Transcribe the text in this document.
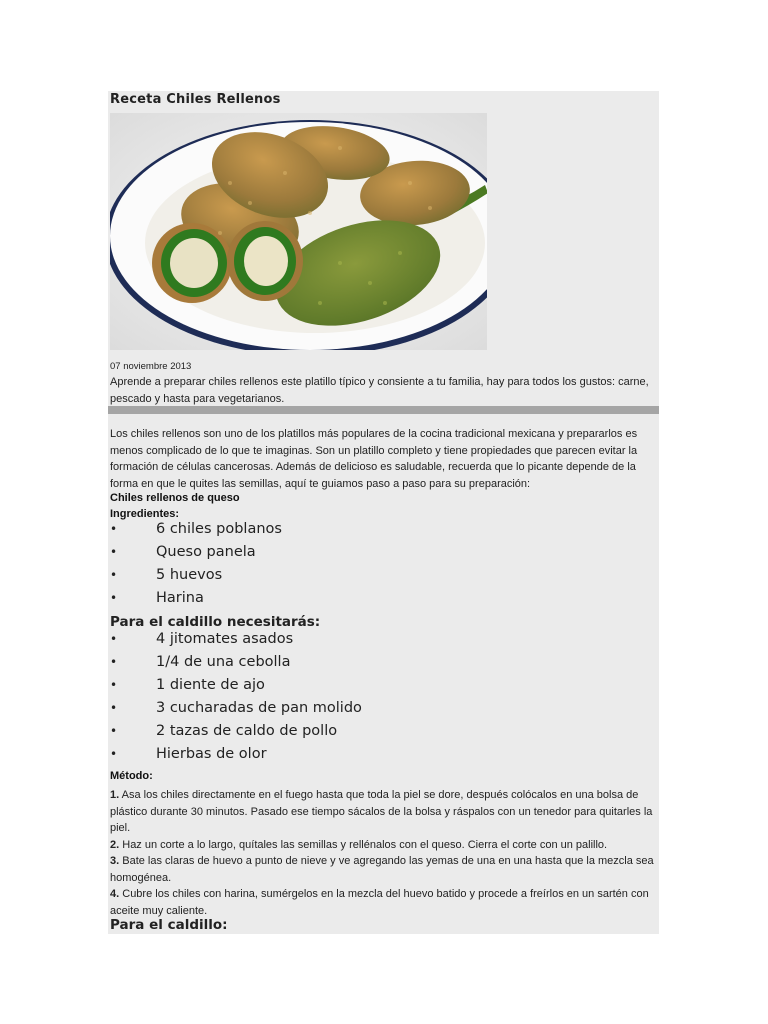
Receta Chiles Rellenos
07 noviembre 2013
Aprende a preparar chiles rellenos este platillo típico y consiente a tu familia, hay para todos los gustos: carne, pescado y hasta para vegetarianos.
Los chiles rellenos son uno de los platillos más populares de la cocina tradicional mexicana y prepararlos es menos complicado de lo que te imaginas. Son un platillo completo y tiene propiedades que parecen evitar la formación de células cancerosas. Además de delicioso es saludable, recuerda que lo picante depende de la forma en que le quites las semillas, aquí te guiamos paso a paso para su preparación:
Chiles rellenos de queso
Ingredientes:
•	6 chiles poblanos
•	Queso panela
•	5 huevos
•	Harina
Para el caldillo necesitarás:
•	4 jitomates asados
•	1/4 de una cebolla
•	1 diente de ajo
•	3 cucharadas de pan molido
•	2 tazas de caldo de pollo
•	Hierbas de olor
Método:

1. Asa los chiles directamente en el fuego hasta que toda la piel se dore, después colócalos en una bolsa de plástico durante 30 minutos. Pasado ese tiempo sácalos de la bolsa y ráspalos con un tenedor para quitarles la piel.

2. Haz un corte a lo largo, quítales las semillas y rellénalos con el queso. Cierra el corte con un palillo.

3. Bate las claras de huevo a punto de nieve y ve agregando las yemas de una en una hasta que la mezcla sea homogénea.

4. Cubre los chiles con harina, sumérgelos en la mezcla del huevo batido y procede a freírlos en un sartén con aceite muy caliente.

Para el caldillo:
